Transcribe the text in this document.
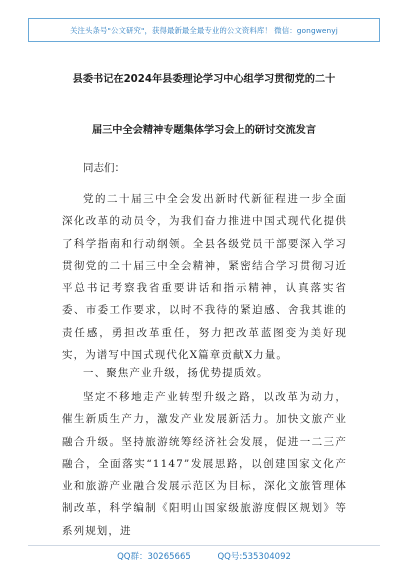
关注头条号"公文研究"，获得最新最全最专业的公文资料库！ 微信：gongwenyj
县委书记在2024年县委理论学习中心组学习贯彻党的二十
届三中全会精神专题集体学习会上的研讨交流发言
同志们：
党的二十届三中全会发出新时代新征程进一步全面深化改革的动员令，为我们奋力推进中国式现代化提供了科学指南和行动纲领。全县各级党员干部要深入学习贯彻党的二十届三中全会精神，紧密结合学习贯彻习近平总书记考察我省重要讲话和指示精神，认真落实省委、市委工作要求，以时不我待的紧迫感、舍我其谁的责任感，勇担改革重任，努力把改革蓝图变为美好现实，为谱写中国式现代化X篇章贡献X力量。
一、聚焦产业升级，扬优势提质效。
坚定不移地走产业转型升级之路，以改革为动力，催生新质生产力，激发产业发展新活力。加快文旅产业融合升级。坚持旅游统筹经济社会发展，促进一二三产融合，全面落实“1147”发展思路，以创建国家文化产业和旅游产业融合发展示范区为目标，深化文旅管理体制改革，科学编制《阳明山国家级旅游度假区规划》等系列规划，进
QQ群：30265665	QQ号:535304092
